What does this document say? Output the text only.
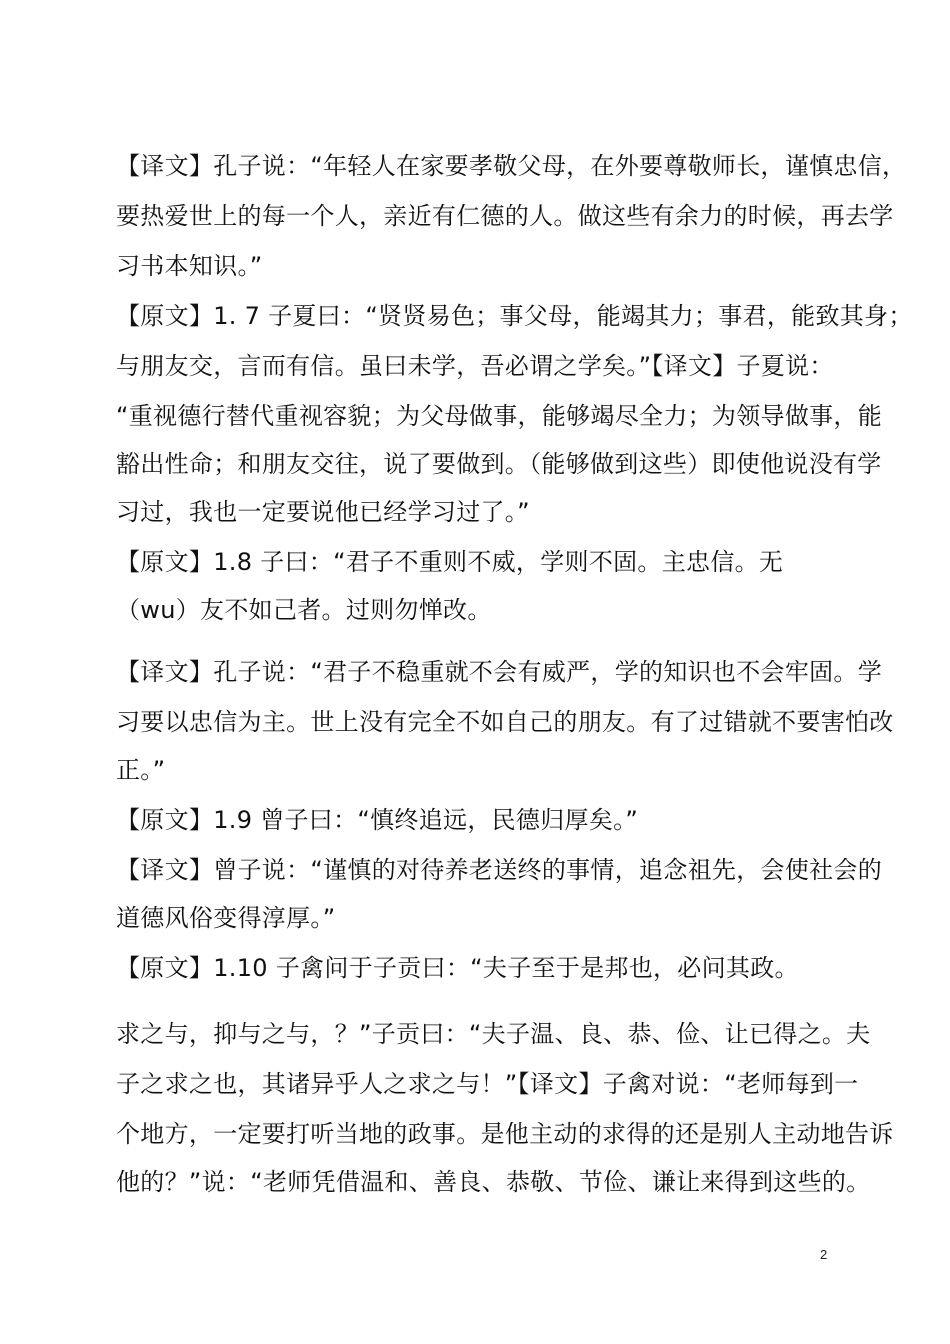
【译文】孔子说：“年轻人在家要孝敬父母，在外要尊敬师长，谨慎忠信，
要热爱世上的每一个人，亲近有仁德的人。做这些有余力的时候，再去学
习书本知识。”
【原文】1. 7 子夏曰：“贤贤易色；事父母，能竭其力；事君，能致其身；
与朋友交，言而有信。虽曰未学，吾必谓之学矣。”【译文】子夏说：
“重视德行替代重视容貌；为父母做事，能够竭尽全力；为领导做事，能
豁出性命；和朋友交往，说了要做到。（能够做到这些）即使他说没有学
习过，我也一定要说他已经学习过了。”
【原文】1.8 子曰：“君子不重则不威，学则不固。主忠信。无
（wu）友不如己者。过则勿惮改。
【译文】孔子说：“君子不稳重就不会有威严，学的知识也不会牢固。学
习要以忠信为主。世上没有完全不如自己的朋友。有了过错就不要害怕改
正。”
【原文】1.9 曾子曰：“慎终追远，民德归厚矣。”
【译文】曾子说：“谨慎的对待养老送终的事情，追念祖先，会使社会的
道德风俗变得淳厚。”
【原文】1.10 子禽问于子贡曰：“夫子至于是邦也，必问其政。
求之与，抑与之与，？”子贡曰：“夫子温、良、恭、俭、让已得之。夫
子之求之也，其诸异乎人之求之与！”【译文】子禽对说：“老师每到一
个地方，一定要打听当地的政事。是他主动的求得的还是别人主动地告诉
他的？”说：“老师凭借温和、善良、恭敬、节俭、谦让来得到这些的。
2
